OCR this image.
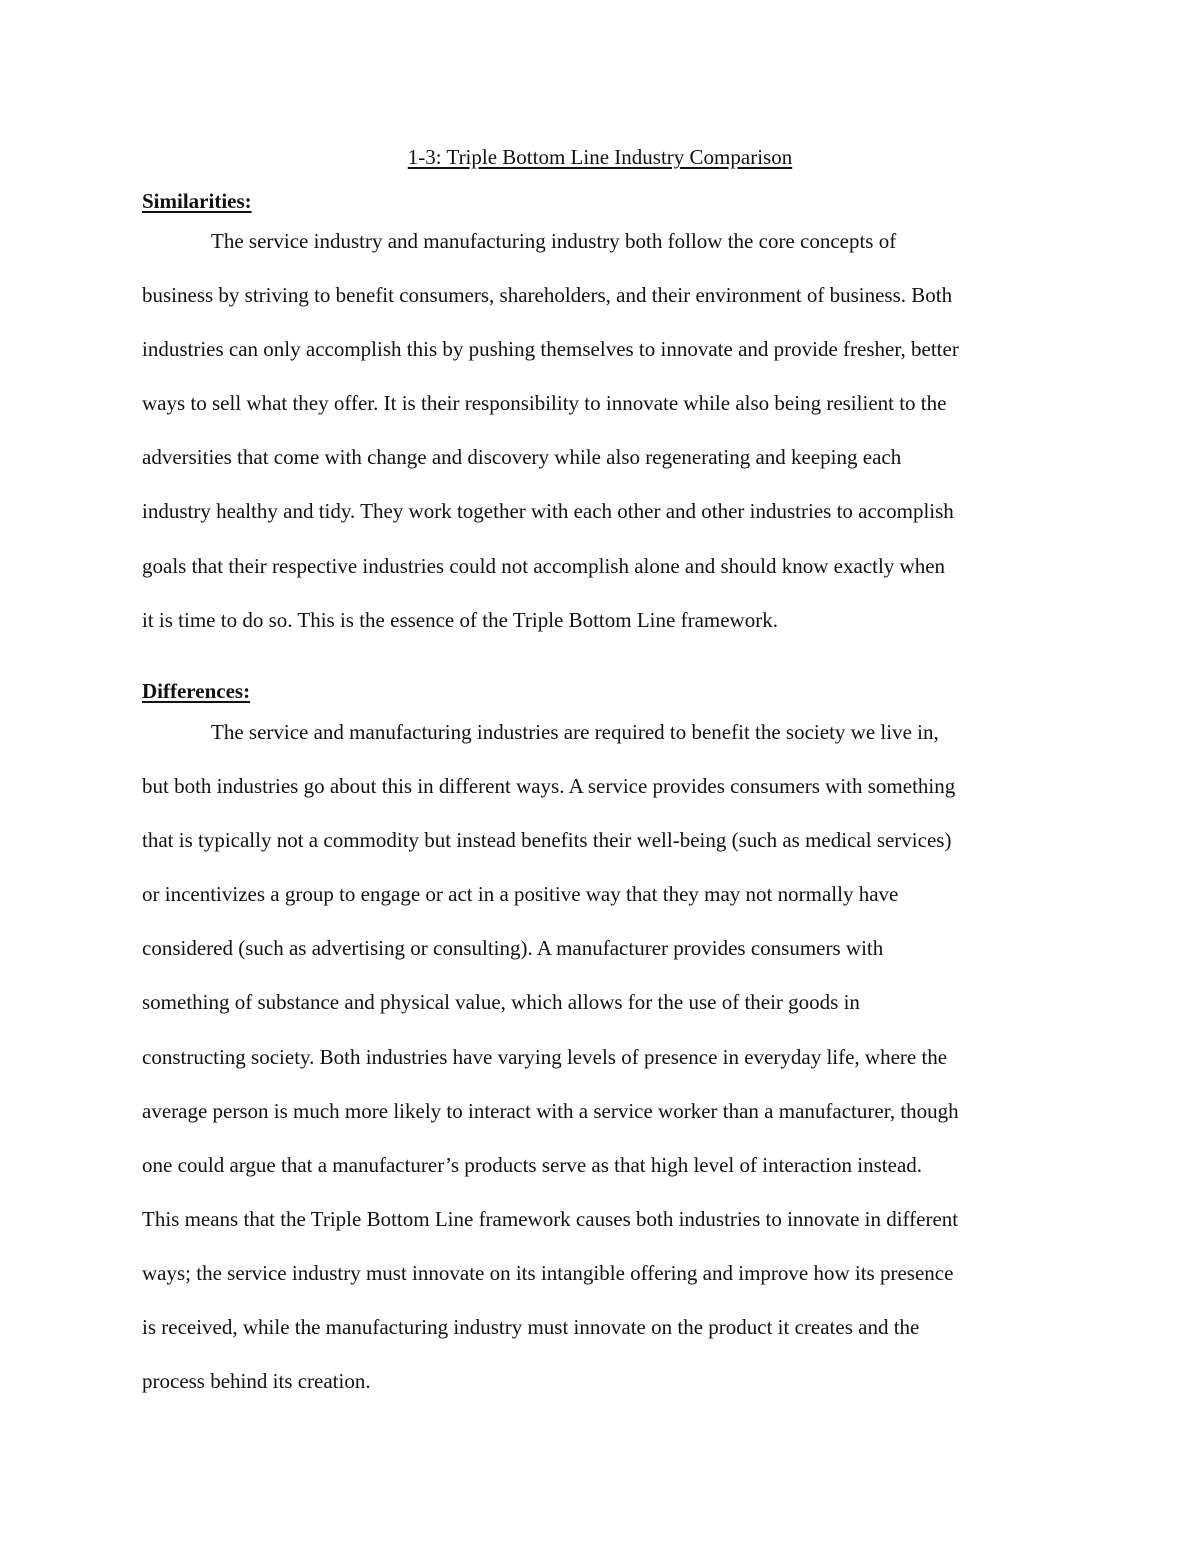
1-3: Triple Bottom Line Industry Comparison
Similarities:
The service industry and manufacturing industry both follow the core concepts of
business by striving to benefit consumers, shareholders, and their environment of business. Both
industries can only accomplish this by pushing themselves to innovate and provide fresher, better
ways to sell what they offer. It is their responsibility to innovate while also being resilient to the
adversities that come with change and discovery while also regenerating and keeping each
industry healthy and tidy. They work together with each other and other industries to accomplish
goals that their respective industries could not accomplish alone and should know exactly when
it is time to do so. This is the essence of the Triple Bottom Line framework.
Differences:
The service and manufacturing industries are required to benefit the society we live in,
but both industries go about this in different ways. A service provides consumers with something
that is typically not a commodity but instead benefits their well-being (such as medical services)
or incentivizes a group to engage or act in a positive way that they may not normally have
considered (such as advertising or consulting). A manufacturer provides consumers with
something of substance and physical value, which allows for the use of their goods in
constructing society. Both industries have varying levels of presence in everyday life, where the
average person is much more likely to interact with a service worker than a manufacturer, though
one could argue that a manufacturer’s products serve as that high level of interaction instead.
This means that the Triple Bottom Line framework causes both industries to innovate in different
ways; the service industry must innovate on its intangible offering and improve how its presence
is received, while the manufacturing industry must innovate on the product it creates and the
process behind its creation.
